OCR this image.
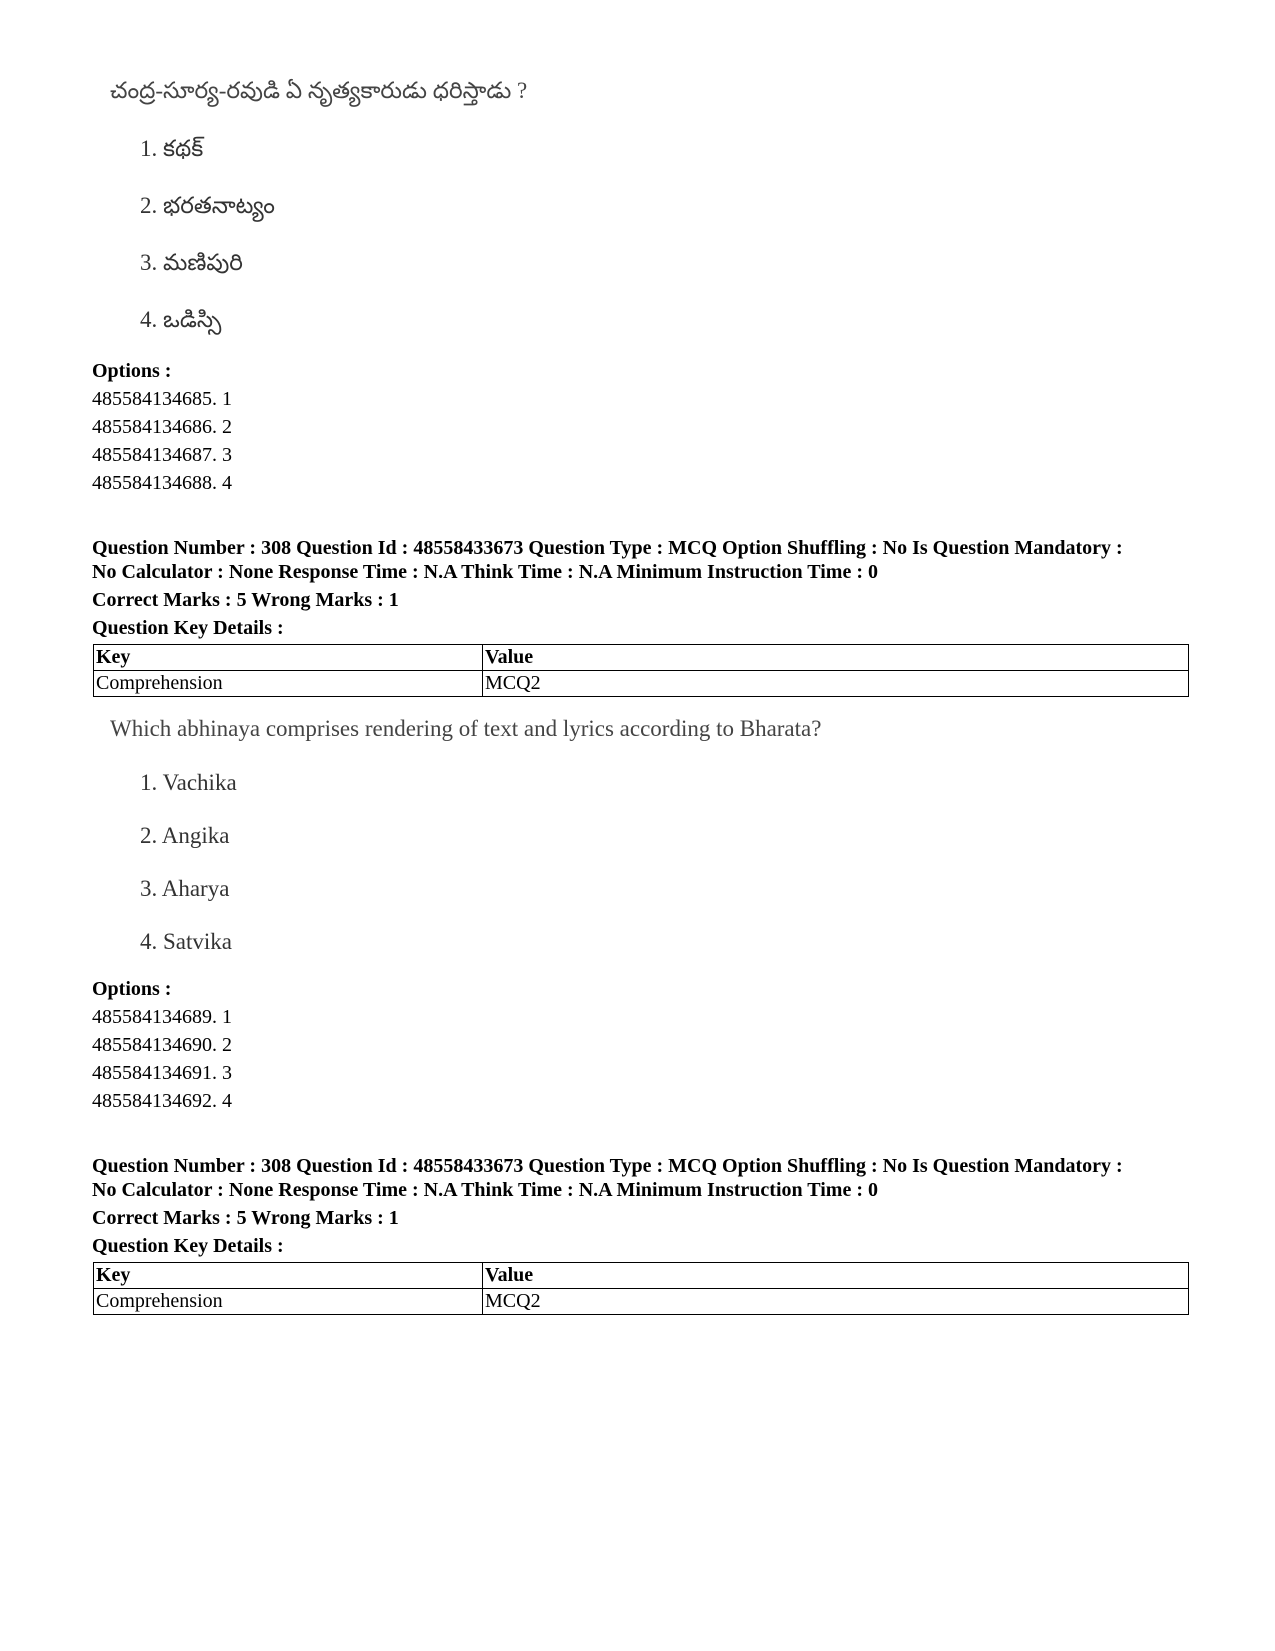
చంద్ర-సూర్య-రవుడి ఏ నృత్యకారుడు ధరిస్తాడు ?
1. కథక్
2. భరతనాట్యం
3. మణిపురి
4. ఒడిస్సి
Options :
485584134685. 1
485584134686. 2
485584134687. 3
485584134688. 4
Question Number : 308 Question Id : 48558433673 Question Type : MCQ Option Shuffling : No Is Question Mandatory :
No Calculator : None Response Time : N.A Think Time : N.A Minimum Instruction Time : 0
Correct Marks : 5 Wrong Marks : 1
Question Key Details :
Key	Value
Comprehension	MCQ2
Which abhinaya comprises rendering of text and lyrics according to Bharata?
1. Vachika
2. Angika
3. Aharya
4. Satvika
Options :
485584134689. 1
485584134690. 2
485584134691. 3
485584134692. 4
Question Number : 308 Question Id : 48558433673 Question Type : MCQ Option Shuffling : No Is Question Mandatory :
No Calculator : None Response Time : N.A Think Time : N.A Minimum Instruction Time : 0
Correct Marks : 5 Wrong Marks : 1
Question Key Details :
Key	Value
Comprehension	MCQ2
